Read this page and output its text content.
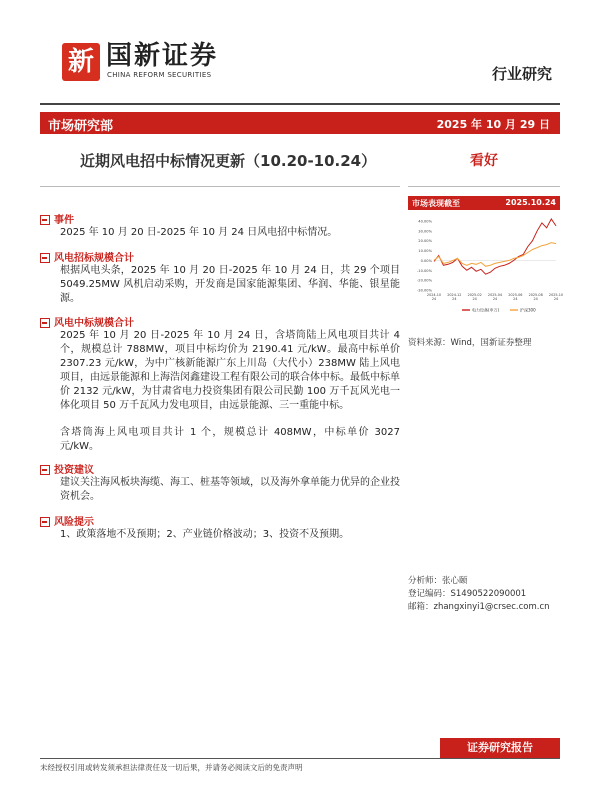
新 国新证券
CHINA REFORM SECURITIES	行业研究
市场研究部	2025 年 10 月 29 日
近期风电招中标情况更新（10.20-10.24）	看好
事件
2025 年 10 月 20 日-2025 年 10 月 24 日风电招中标情况。
风电招标规模合计
根据风电头条，2025 年 10 月 20 日-2025 年 10 月 24 日，共 29 个项目 5049.25MW 风机启动采购，开发商是国家能源集团、华润、华能、银星能源。
风电中标规模合计
2025 年 10 月 20 日-2025 年 10 月 24 日，含塔筒陆上风电项目共计 4 个，规模总计 788MW，项目中标均价为 2190.41 元/kW。最高中标单价 2307.23 元/kW，为中广核新能源广东上川岛（大代小）238MW 陆上风电项目，由远景能源和上海浩闵鑫建设工程有限公司的联合体中标。最低中标单价 2132 元/kW，为甘肃省电力投资集团有限公司民勤 100 万千瓦风光电一体化项目 50 万千瓦风力发电项目，由远景能源、三一重能中标。
含塔筒海上风电项目共计 1 个，规模总计 408MW，中标单价 3027 元/kW。
投资建议
建议关注海风板块海缆、海工、桩基等领域，以及海外拿单能力优异的企业投资机会。
风险提示
1、政策落地不及预期；2、产业链价格波动；3、投资不及预期。
市场表现截至	2025.10.24
40.00%
30.00%
20.00%
10.00%
0.00%
-10.00%
-20.00%
-30.00%
2024-10 24
2024-12 24
2025-02 24
2025-04 24
2025-06 24
2025-08 24
2025-10 24
电力设备(申万)	沪深300
资料来源：Wind，国新证券整理
分析师：张心颐
登记编码：S1490522090001
邮箱：zhangxinyi1@crsec.com.cn
证券研究报告
未经授权引用或转发须承担法律责任及一切后果，并请务必阅读文后的免责声明
